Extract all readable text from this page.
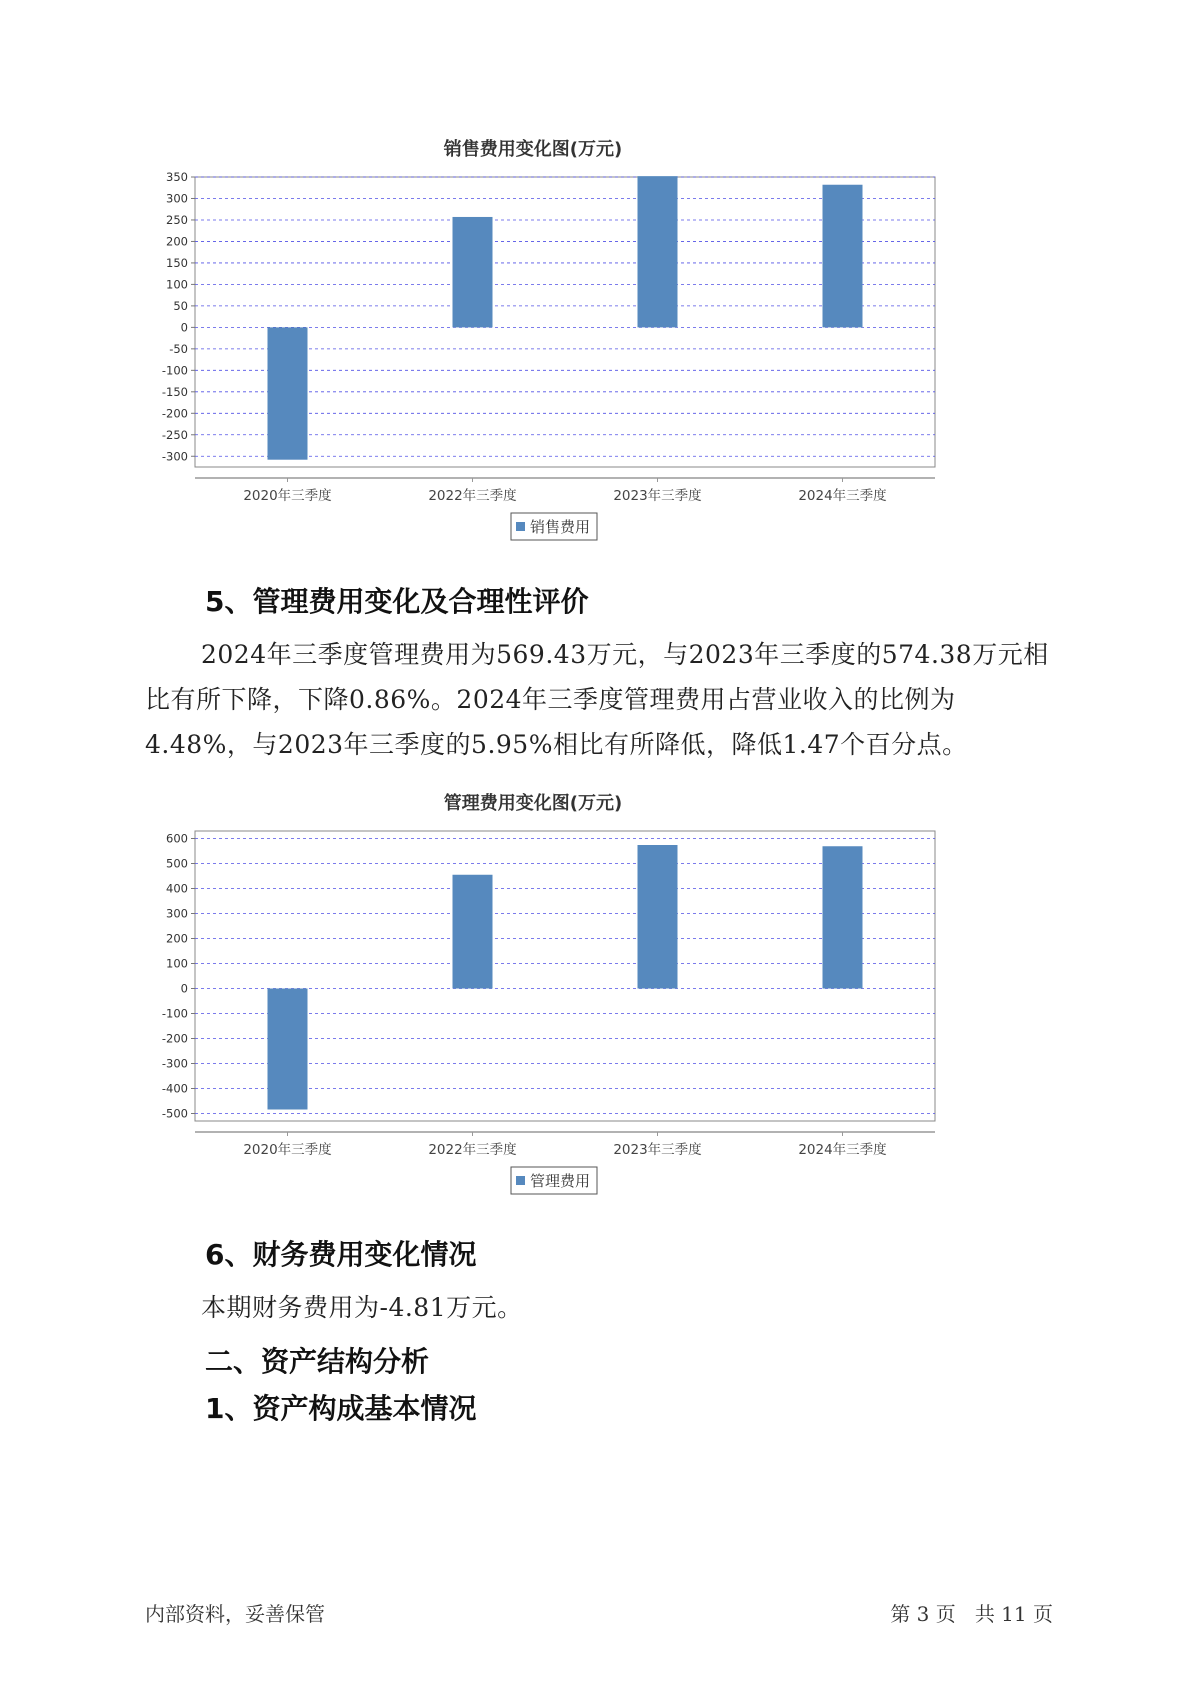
销售费用变化图(万元)
350
300
250
200
150
100
50
0
-50
-100
-150
-200
-250
-300
2020年三季度	2022年三季度	2023年三季度	2024年三季度
销售费用
5、管理费用变化及合理性评价

2024年三季度管理费用为569.43万元，与2023年三季度的574.38万元相比有所下降，下降0.86%。2024年三季度管理费用占营业收入的比例为4.48%，与2023年三季度的5.95%相比有所降低，降低1.47个百分点。

管理费用变化图(万元)
600
500
400
300
200
100
0
-100
-200
-300
-400
-500
2020年三季度	2022年三季度	2023年三季度	2024年三季度
管理费用
6、财务费用变化情况

本期财务费用为-4.81万元。

二、资产结构分析
1、资产构成基本情况

内部资料，妥善保管	第 3 页   共 11 页
